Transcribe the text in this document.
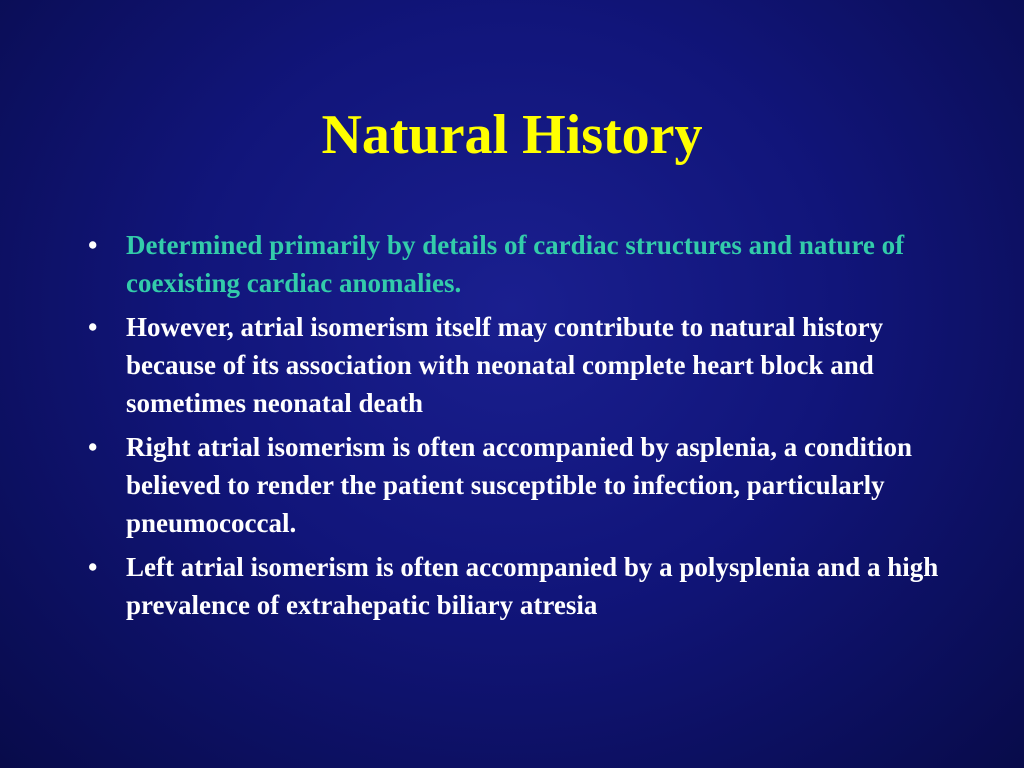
Natural History
•	Determined primarily by details of cardiac structures and nature of coexisting cardiac anomalies.
•	However, atrial isomerism itself may contribute to natural history because of its association with neonatal complete heart block and sometimes neonatal death
•	Right atrial isomerism is often accompanied by asplenia, a condition believed to render the patient susceptible to infection, particularly pneumococcal.
•	Left atrial isomerism is often accompanied by a polysplenia and a high prevalence of extrahepatic biliary atresia
